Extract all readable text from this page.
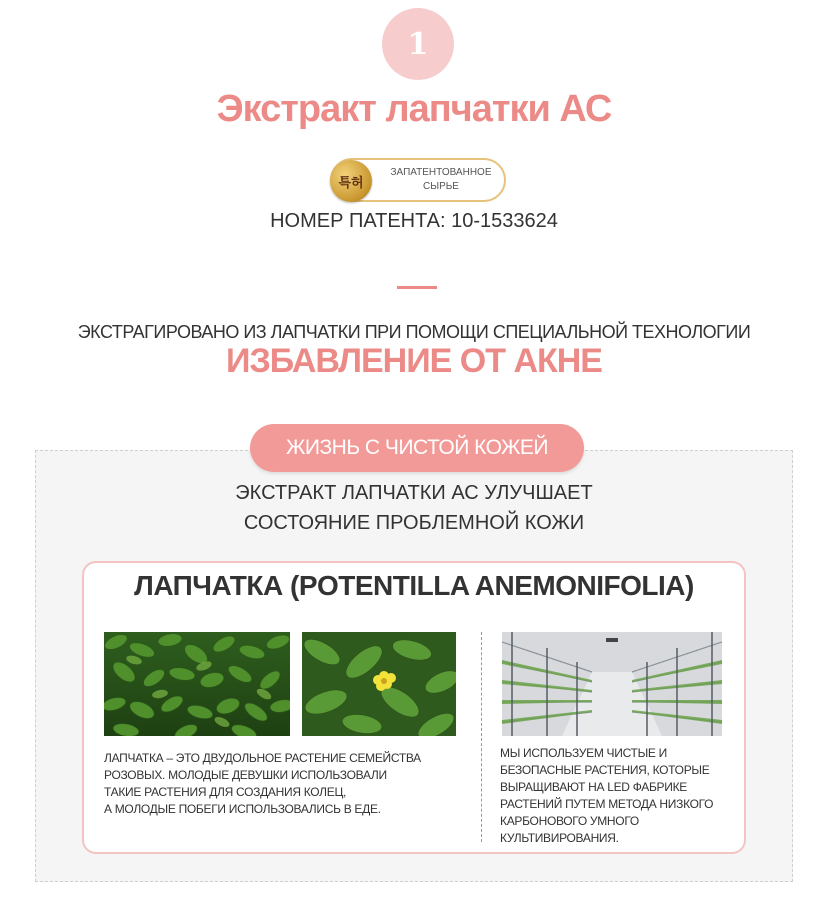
1
Экстракт лапчатки АС
특허
ЗАПАТЕНТОВАННОЕ
СЫРЬЕ
НОМЕР ПАТЕНТА: 10-1533624
ЭКСТРАГИРОВАНО ИЗ ЛАПЧАТКИ ПРИ ПОМОЩИ СПЕЦИАЛЬНОЙ ТЕХНОЛОГИИ
ИЗБАВЛЕНИЕ ОТ АКНЕ
ЖИЗНЬ С ЧИСТОЙ КОЖЕЙ
ЭКСТРАКТ ЛАПЧАТКИ АС УЛУЧШАЕТ
СОСТОЯНИЕ ПРОБЛЕМНОЙ КОЖИ
ЛАПЧАТКА (POTENTILLA ANEMONIFOLIA)
ЛАПЧАТКА – ЭТО ДВУДОЛЬНОЕ РАСТЕНИЕ СЕМЕЙСТВА
РОЗОВЫХ. МОЛОДЫЕ ДЕВУШКИ ИСПОЛЬЗОВАЛИ
ТАКИЕ РАСТЕНИЯ ДЛЯ СОЗДАНИЯ КОЛЕЦ,
А МОЛОДЫЕ ПОБЕГИ ИСПОЛЬЗОВАЛИСЬ В ЕДЕ.
МЫ ИСПОЛЬЗУЕМ ЧИСТЫЕ И
БЕЗОПАСНЫЕ РАСТЕНИЯ, КОТОРЫЕ
ВЫРАЩИВАЮТ НА LED ФАБРИКЕ
РАСТЕНИЙ ПУТЕМ МЕТОДА НИЗКОГО
КАРБОНОВОГО УМНОГО
КУЛЬТИВИРОВАНИЯ.
